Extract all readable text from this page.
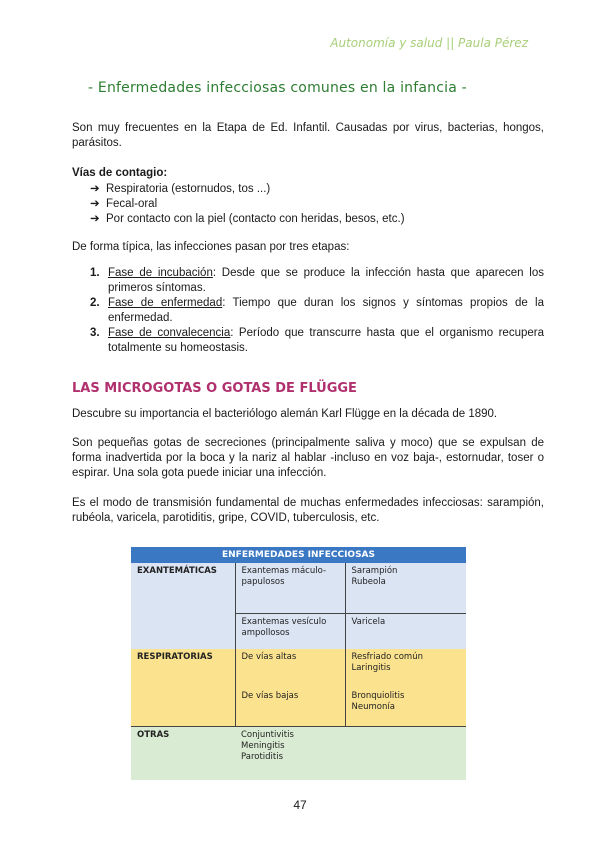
Autonomía y salud || Paula Pérez
- Enfermedades infecciosas comunes en la infancia -
Son muy frecuentes en la Etapa de Ed. Infantil. Causadas por virus, bacterias, hongos, parásitos.
Vías de contagio:
➔ Respiratoria (estornudos, tos ...)
➔ Fecal-oral
➔ Por contacto con la piel (contacto con heridas, besos, etc.)
De forma típica, las infecciones pasan por tres etapas:
1. Fase de incubación: Desde que se produce la infección hasta que aparecen los primeros síntomas.
2. Fase de enfermedad: Tiempo que duran los signos y síntomas propios de la enfermedad.
3. Fase de convalecencia: Período que transcurre hasta que el organismo recupera totalmente su homeostasis.
LAS MICROGOTAS O GOTAS DE FLÜGGE
Descubre su importancia el bacteriólogo alemán Karl Flügge en la década de 1890.
Son pequeñas gotas de secreciones (principalmente saliva y moco) que se expulsan de forma inadvertida por la boca y la nariz al hablar -incluso en voz baja-, estornudar, toser o espirar. Una sola gota puede iniciar una infección.
Es el modo de transmisión fundamental de muchas enfermedades infecciosas: sarampión, rubéola, varicela, parotiditis, gripe, COVID, tuberculosis, etc.
ENFERMEDADES INFECCIOSAS		
EXANTEMÁTICAS	Exantemas máculo-papulosos	Sarampión
Rubeola
	Exantemas vesículo ampollosos	Varicela
RESPIRATORIAS	De vías altas	Resfriado común
Laringitis
	De vías bajas	Bronquiolitis
Neumonía
OTRAS	Conjuntivitis
Meningitis
Parotiditis	
47
